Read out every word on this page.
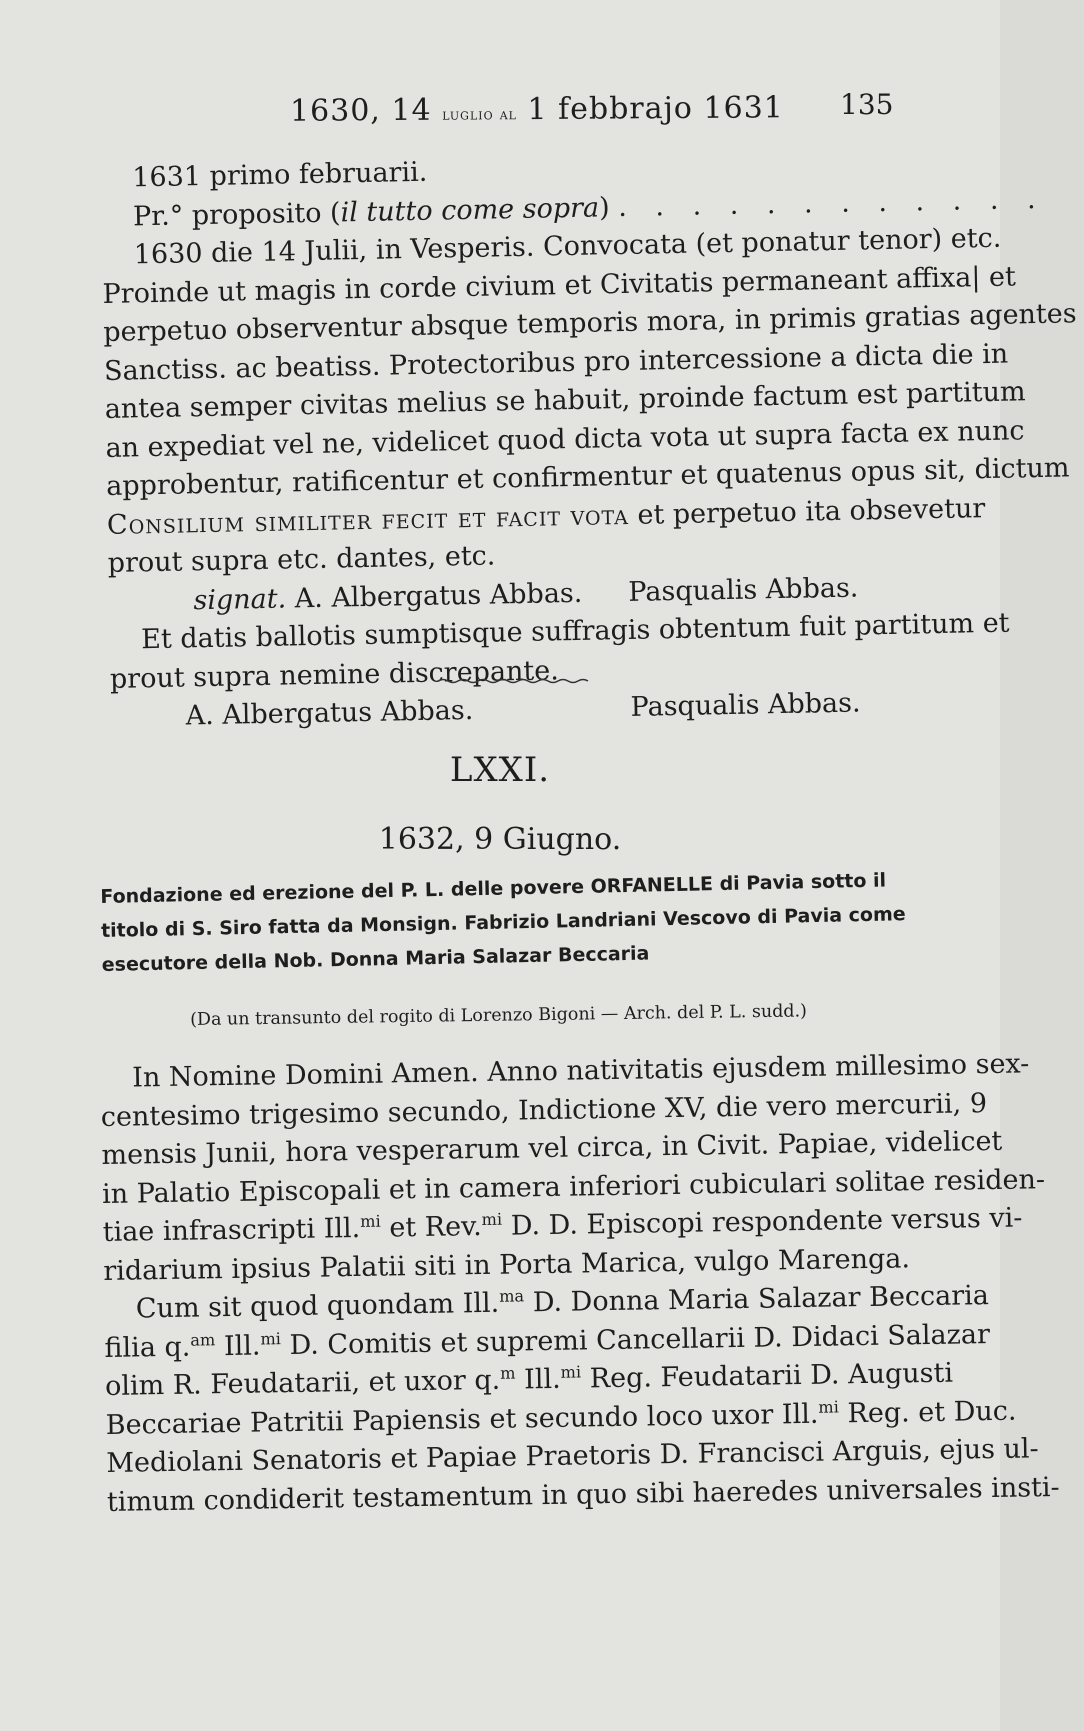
1630, 14 luglio al 1 febbrajo 1631 135
1631 primo februarii.
Pr.° proposito (il tutto come sopra) . . . . . . . . . . . .
1630 die 14 Julii, in Vesperis. Convocata (et ponatur tenor) etc.
Proinde ut magis in corde civium et Civitatis permaneant affixa| et
perpetuo observentur absque temporis mora, in primis gratias agentes
Sanctiss. ac beatiss. Protectoribus pro intercessione a dicta die in
antea semper civitas melius se habuit, proinde factum est partitum
an expediat vel ne, videlicet quod dicta vota ut supra facta ex nunc
approbentur, ratificentur et confirmentur et quatenus opus sit, dictum
Consilium similiter fecit et facit vota et perpetuo ita obsevetur
prout supra etc. dantes, etc.
signat. A. Albergatus Abbas. Pasqualis Abbas.
Et datis ballotis sumptisque suffragis obtentum fuit partitum et
prout supra nemine discrepante.
A. Albergatus Abbas.	Pasqualis Abbas.
LXXI.
1632, 9 Giugno.
Fondazione ed erezione del P. L. delle povere ORFANELLE di Pavia sotto il titolo di S. Siro fatta da Monsign. Fabrizio Landriani Vescovo di Pavia come esecutore della Nob. Donna Maria Salazar Beccaria
(Da un transunto del rogito di Lorenzo Bigoni — Arch. del P. L. sudd.)
In Nomine Domini Amen. Anno nativitatis ejusdem millesimo sex-
centesimo trigesimo secundo, Indictione XV, die vero mercurii, 9
mensis Junii, hora vesperarum vel circa, in Civit. Papiae, videlicet
in Palatio Episcopali et in camera inferiori cubiculari solitae residen-
tiae infrascripti Ill.$^{mi}$ et Rev.$^{mi}$ D. D. Episcopi respondente versus vi-
ridarium ipsius Palatii siti in Porta Marica, vulgo Marenga.
Cum sit quod quondam Ill.$^{ma}$ D. Donna Maria Salazar Beccaria
filia q.$^{am}$ Ill.$^{mi}$ D. Comitis et supremi Cancellarii D. Didaci Salazar
olim R. Feudatarii, et uxor q.$^m$ Ill.$^{mi}$ Reg. Feudatarii D. Augusti
Beccariae Patritii Papiensis et secundo loco uxor Ill.$^{mi}$ Reg. et Duc.
Mediolani Senatoris et Papiae Praetoris D. Francisci Arguis, ejus ul-
timum condiderit testamentum in quo sibi haeredes universales insti-
